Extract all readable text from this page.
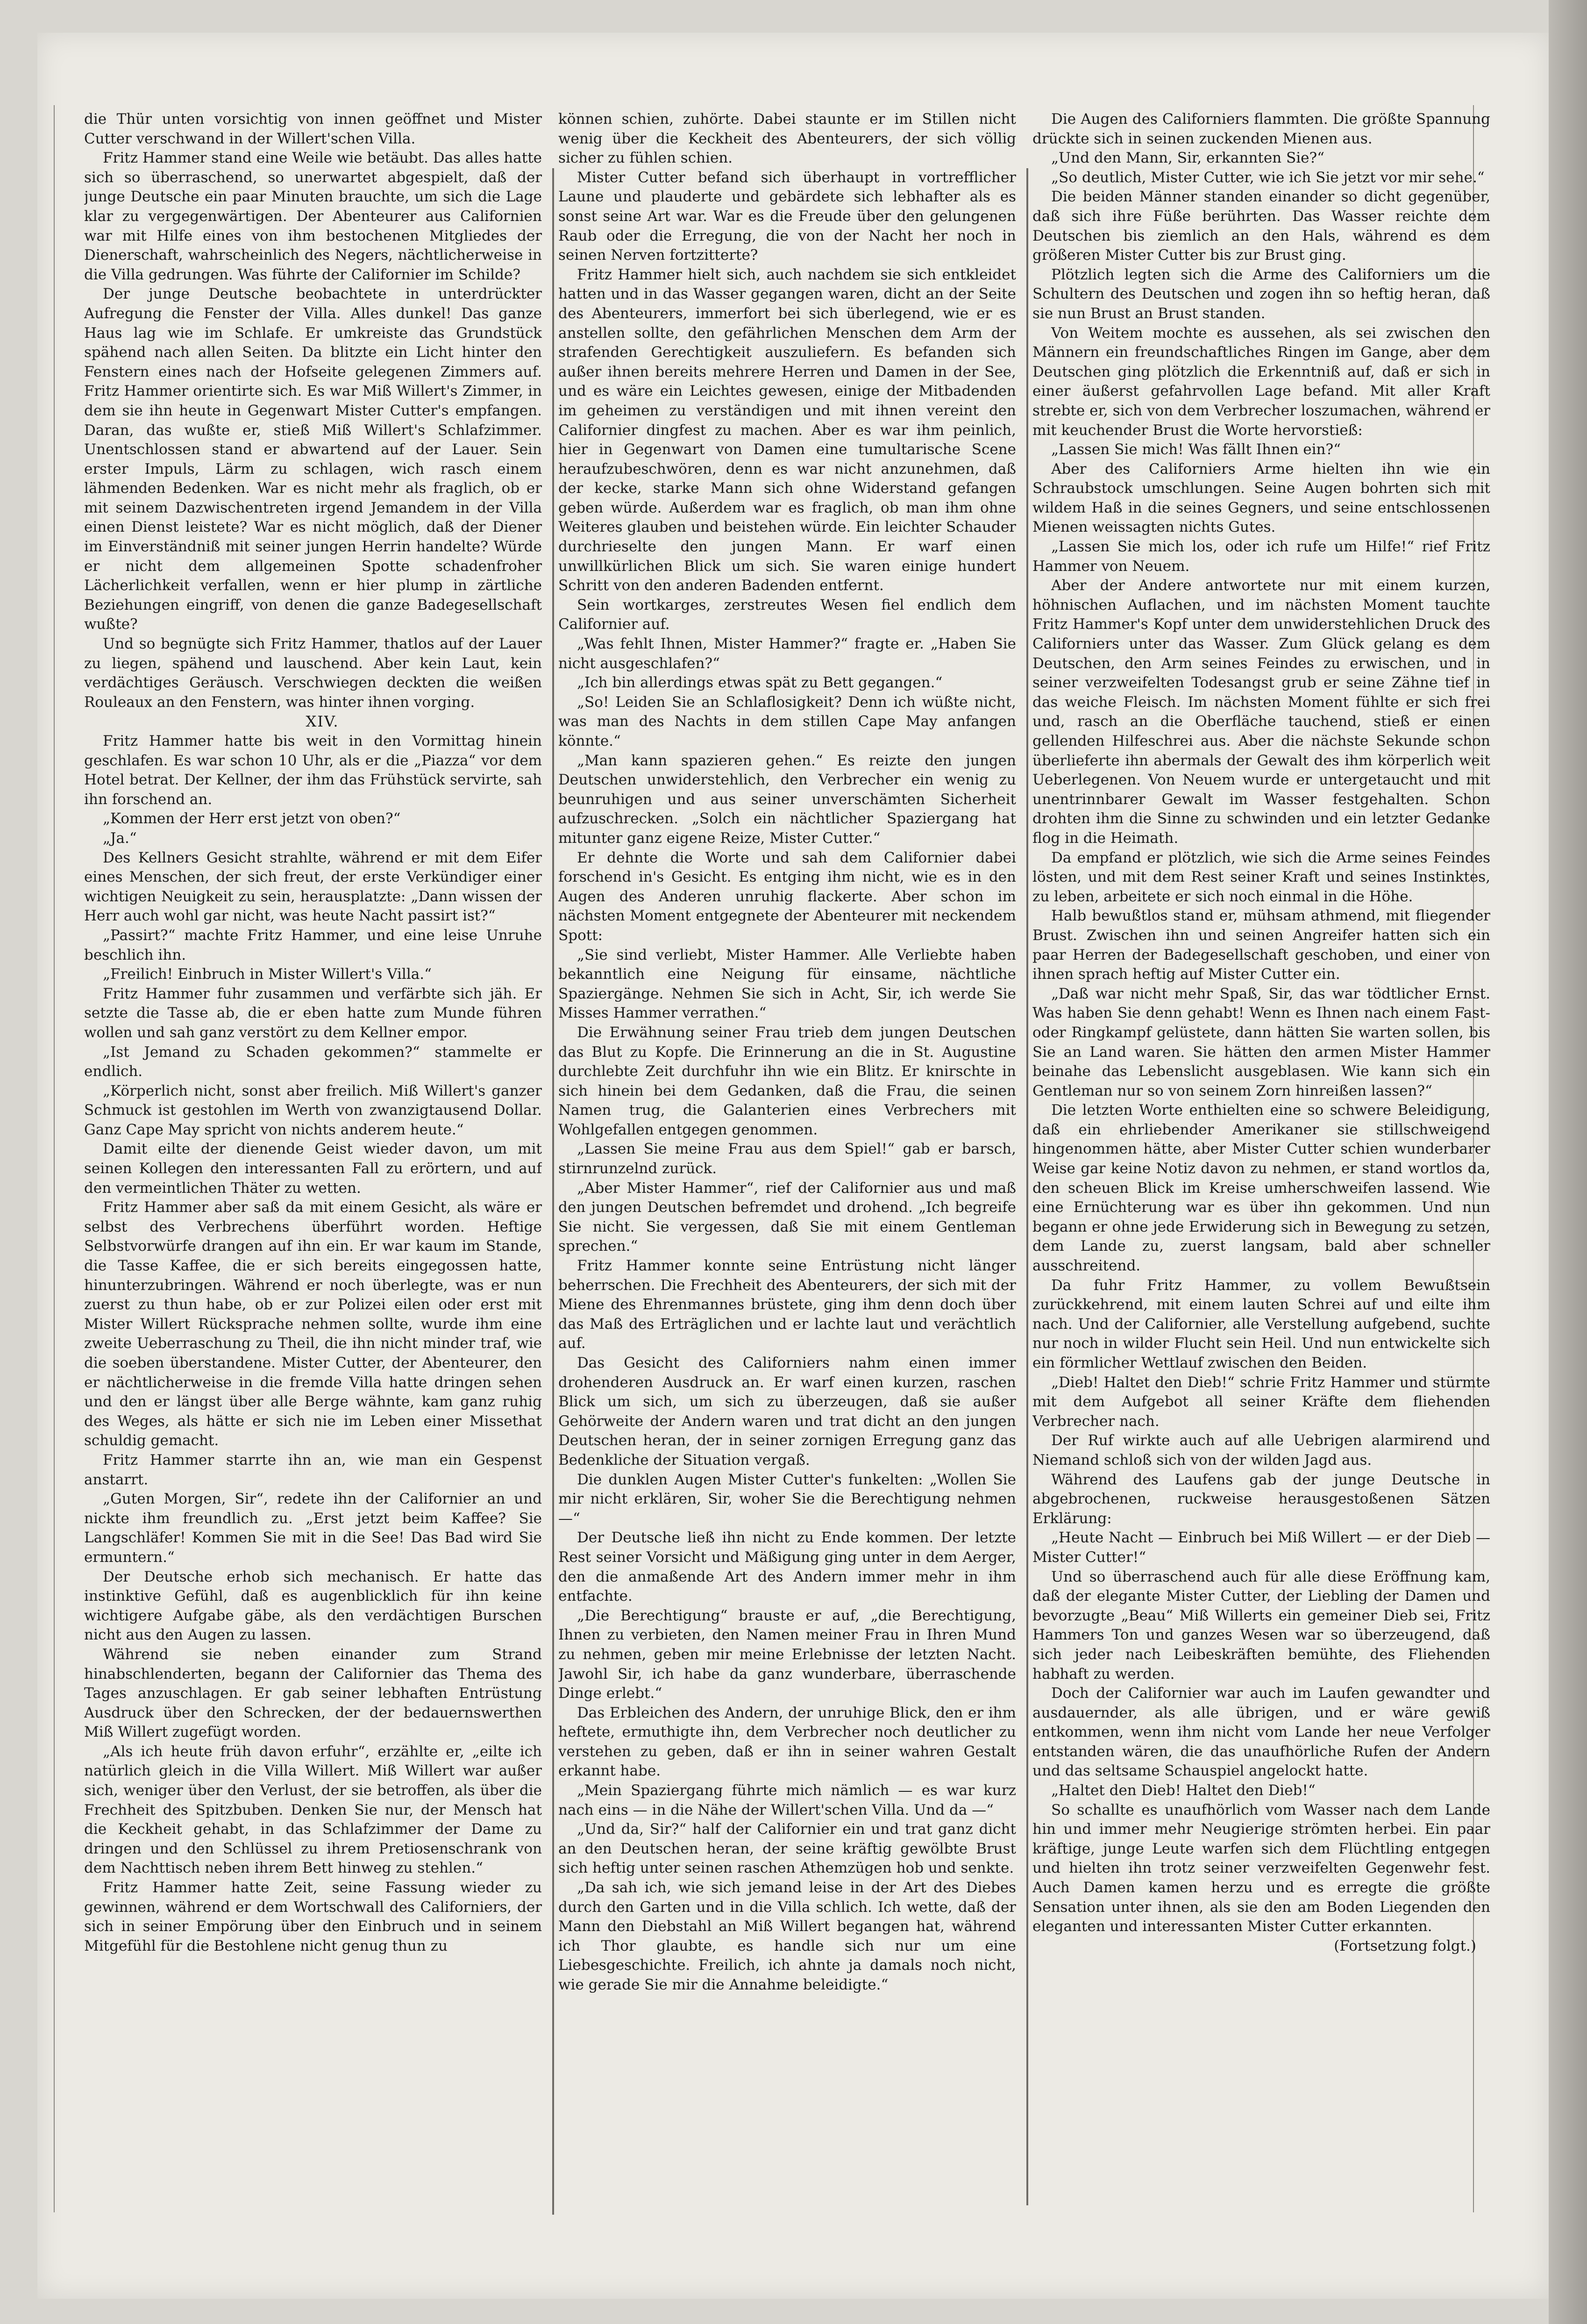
die Thür unten vorsichtig von innen geöffnet und Mister Cutter verschwand in der Willert'schen Villa.

Fritz Hammer stand eine Weile wie betäubt. Das alles hatte sich so überraschend, so unerwartet abgespielt, daß der junge Deutsche ein paar Minuten brauchte, um sich die Lage klar zu vergegenwärtigen. Der Abenteurer aus Californien war mit Hilfe eines von ihm bestochenen Mitgliedes der Dienerschaft, wahrscheinlich des Negers, nächtlicherweise in die Villa gedrungen. Was führte der Californier im Schilde?

Der junge Deutsche beobachtete in unterdrückter Aufregung die Fenster der Villa. Alles dunkel! Das ganze Haus lag wie im Schlafe. Er umkreiste das Grundstück spähend nach allen Seiten. Da blitzte ein Licht hinter den Fenstern eines nach der Hofseite gelegenen Zimmers auf. Fritz Hammer orientirte sich. Es war Miß Willert's Zimmer, in dem sie ihn heute in Gegenwart Mister Cutter's empfangen. Daran, das wußte er, stieß Miß Willert's Schlafzimmer. Unentschlossen stand er abwartend auf der Lauer. Sein erster Impuls, Lärm zu schlagen, wich rasch einem lähmenden Bedenken. War es nicht mehr als fraglich, ob er mit seinem Dazwischentreten irgend Jemandem in der Villa einen Dienst leistete? War es nicht möglich, daß der Diener im Einverständniß mit seiner jungen Herrin handelte? Würde er nicht dem allgemeinen Spotte schadenfroher Lächerlichkeit verfallen, wenn er hier plump in zärtliche Beziehungen eingriff, von denen die ganze Badegesellschaft wußte?

Und so begnügte sich Fritz Hammer, thatlos auf der Lauer zu liegen, spähend und lauschend. Aber kein Laut, kein verdächtiges Geräusch. Verschwiegen deckten die weißen Rouleaux an den Fenstern, was hinter ihnen vorging.

XIV.

Fritz Hammer hatte bis weit in den Vormittag hinein geschlafen. Es war schon 10 Uhr, als er die „Piazza“ vor dem Hotel betrat. Der Kellner, der ihm das Frühstück servirte, sah ihn forschend an.

„Kommen der Herr erst jetzt von oben?“

„Ja.“

Des Kellners Gesicht strahlte, während er mit dem Eifer eines Menschen, der sich freut, der erste Verkündiger einer wichtigen Neuigkeit zu sein, herausplatzte: „Dann wissen der Herr auch wohl gar nicht, was heute Nacht passirt ist?“

„Passirt?“ machte Fritz Hammer, und eine leise Unruhe beschlich ihn.

„Freilich! Einbruch in Mister Willert's Villa.“

Fritz Hammer fuhr zusammen und verfärbte sich jäh. Er setzte die Tasse ab, die er eben hatte zum Munde führen wollen und sah ganz verstört zu dem Kellner empor.

„Ist Jemand zu Schaden gekommen?“ stammelte er endlich.

„Körperlich nicht, sonst aber freilich. Miß Willert's ganzer Schmuck ist gestohlen im Werth von zwanzigtausend Dollar. Ganz Cape May spricht von nichts anderem heute.“

Damit eilte der dienende Geist wieder davon, um mit seinen Kollegen den interessanten Fall zu erörtern, und auf den vermeintlichen Thäter zu wetten.

Fritz Hammer aber saß da mit einem Gesicht, als wäre er selbst des Verbrechens überführt worden. Heftige Selbstvorwürfe drangen auf ihn ein. Er war kaum im Stande, die Tasse Kaffee, die er sich bereits eingegossen hatte, hinunterzubringen. Während er noch überlegte, was er nun zuerst zu thun habe, ob er zur Polizei eilen oder erst mit Mister Willert Rücksprache nehmen sollte, wurde ihm eine zweite Ueberraschung zu Theil, die ihn nicht minder traf, wie die soeben überstandene. Mister Cutter, der Abenteurer, den er nächtlicherweise in die fremde Villa hatte dringen sehen und den er längst über alle Berge wähnte, kam ganz ruhig des Weges, als hätte er sich nie im Leben einer Missethat schuldig gemacht.

Fritz Hammer starrte ihn an, wie man ein Gespenst anstarrt.

„Guten Morgen, Sir“, redete ihn der Californier an und nickte ihm freundlich zu. „Erst jetzt beim Kaffee? Sie Langschläfer! Kommen Sie mit in die See! Das Bad wird Sie ermuntern.“

Der Deutsche erhob sich mechanisch. Er hatte das instinktive Gefühl, daß es augenblicklich für ihn keine wichtigere Aufgabe gäbe, als den verdächtigen Burschen nicht aus den Augen zu lassen.

Während sie neben einander zum Strand hinabschlenderten, begann der Californier das Thema des Tages anzuschlagen. Er gab seiner lebhaften Entrüstung Ausdruck über den Schrecken, der der bedauernswerthen Miß Willert zugefügt worden.

„Als ich heute früh davon erfuhr“, erzählte er, „eilte ich natürlich gleich in die Villa Willert. Miß Willert war außer sich, weniger über den Verlust, der sie betroffen, als über die Frechheit des Spitzbuben. Denken Sie nur, der Mensch hat die Keckheit gehabt, in das Schlafzimmer der Dame zu dringen und den Schlüssel zu ihrem Pretiosenschrank von dem Nachttisch neben ihrem Bett hinweg zu stehlen.“

Fritz Hammer hatte Zeit, seine Fassung wieder zu gewinnen, während er dem Wortschwall des Californiers, der sich in seiner Empörung über den Einbruch und in seinem Mitgefühl für die Bestohlene nicht genug thun zu

können schien, zuhörte. Dabei staunte er im Stillen nicht wenig über die Keckheit des Abenteurers, der sich völlig sicher zu fühlen schien.

Mister Cutter befand sich überhaupt in vortrefflicher Laune und plauderte und gebärdete sich lebhafter als es sonst seine Art war. War es die Freude über den gelungenen Raub oder die Erregung, die von der Nacht her noch in seinen Nerven fortzitterte?

Fritz Hammer hielt sich, auch nachdem sie sich entkleidet hatten und in das Wasser gegangen waren, dicht an der Seite des Abenteurers, immerfort bei sich überlegend, wie er es anstellen sollte, den gefährlichen Menschen dem Arm der strafenden Gerechtigkeit auszuliefern. Es befanden sich außer ihnen bereits mehrere Herren und Damen in der See, und es wäre ein Leichtes gewesen, einige der Mitbadenden im geheimen zu verständigen und mit ihnen vereint den Californier dingfest zu machen. Aber es war ihm peinlich, hier in Gegenwart von Damen eine tumultarische Scene heraufzubeschwören, denn es war nicht anzunehmen, daß der kecke, starke Mann sich ohne Widerstand gefangen geben würde. Außerdem war es fraglich, ob man ihm ohne Weiteres glauben und beistehen würde. Ein leichter Schauder durchrieselte den jungen Mann. Er warf einen unwillkürlichen Blick um sich. Sie waren einige hundert Schritt von den anderen Badenden entfernt.

Sein wortkarges, zerstreutes Wesen fiel endlich dem Californier auf.

„Was fehlt Ihnen, Mister Hammer?“ fragte er. „Haben Sie nicht ausgeschlafen?“

„Ich bin allerdings etwas spät zu Bett gegangen.“

„So! Leiden Sie an Schlaflosigkeit? Denn ich wüßte nicht, was man des Nachts in dem stillen Cape May anfangen könnte.“

„Man kann spazieren gehen.“ Es reizte den jungen Deutschen unwiderstehlich, den Verbrecher ein wenig zu beunruhigen und aus seiner unverschämten Sicherheit aufzuschrecken. „Solch ein nächtlicher Spaziergang hat mitunter ganz eigene Reize, Mister Cutter.“

Er dehnte die Worte und sah dem Californier dabei forschend in's Gesicht. Es entging ihm nicht, wie es in den Augen des Anderen unruhig flackerte. Aber schon im nächsten Moment entgegnete der Abenteurer mit neckendem Spott:

„Sie sind verliebt, Mister Hammer. Alle Verliebte haben bekanntlich eine Neigung für einsame, nächtliche Spaziergänge. Nehmen Sie sich in Acht, Sir, ich werde Sie Misses Hammer verrathen.“

Die Erwähnung seiner Frau trieb dem jungen Deutschen das Blut zu Kopfe. Die Erinnerung an die in St. Augustine durchlebte Zeit durchfuhr ihn wie ein Blitz. Er knirschte in sich hinein bei dem Gedanken, daß die Frau, die seinen Namen trug, die Galanterien eines Verbrechers mit Wohlgefallen entgegen genommen.

„Lassen Sie meine Frau aus dem Spiel!“ gab er barsch, stirnrunzelnd zurück.

„Aber Mister Hammer“, rief der Californier aus und maß den jungen Deutschen befremdet und drohend. „Ich begreife Sie nicht. Sie vergessen, daß Sie mit einem Gentleman sprechen.“

Fritz Hammer konnte seine Entrüstung nicht länger beherrschen. Die Frechheit des Abenteurers, der sich mit der Miene des Ehrenmannes brüstete, ging ihm denn doch über das Maß des Erträglichen und er lachte laut und verächtlich auf.

Das Gesicht des Californiers nahm einen immer drohenderen Ausdruck an. Er warf einen kurzen, raschen Blick um sich, um sich zu überzeugen, daß sie außer Gehörweite der Andern waren und trat dicht an den jungen Deutschen heran, der in seiner zornigen Erregung ganz das Bedenkliche der Situation vergaß.

Die dunklen Augen Mister Cutter's funkelten: „Wollen Sie mir nicht erklären, Sir, woher Sie die Berechtigung nehmen —“

Der Deutsche ließ ihn nicht zu Ende kommen. Der letzte Rest seiner Vorsicht und Mäßigung ging unter in dem Aerger, den die anmaßende Art des Andern immer mehr in ihm entfachte.

„Die Berechtigung“ brauste er auf, „die Berechtigung, Ihnen zu verbieten, den Namen meiner Frau in Ihren Mund zu nehmen, geben mir meine Erlebnisse der letzten Nacht. Jawohl Sir, ich habe da ganz wunderbare, überraschende Dinge erlebt.“

Das Erbleichen des Andern, der unruhige Blick, den er ihm heftete, ermuthigte ihn, dem Verbrecher noch deutlicher zu verstehen zu geben, daß er ihn in seiner wahren Gestalt erkannt habe.

„Mein Spaziergang führte mich nämlich — es war kurz nach eins — in die Nähe der Willert'schen Villa. Und da —“

„Und da, Sir?“ half der Californier ein und trat ganz dicht an den Deutschen heran, der seine kräftig gewölbte Brust sich heftig unter seinen raschen Athemzügen hob und senkte.

„Da sah ich, wie sich jemand leise in der Art des Diebes durch den Garten und in die Villa schlich. Ich wette, daß der Mann den Diebstahl an Miß Willert begangen hat, während ich Thor glaubte, es handle sich nur um eine Liebesgeschichte. Freilich, ich ahnte ja damals noch nicht, wie gerade Sie mir die Annahme beleidigte.“

Die Augen des Californiers flammten. Die größte Spannung drückte sich in seinen zuckenden Mienen aus.

„Und den Mann, Sir, erkannten Sie?“

„So deutlich, Mister Cutter, wie ich Sie jetzt vor mir sehe.“

Die beiden Männer standen einander so dicht gegenüber, daß sich ihre Füße berührten. Das Wasser reichte dem Deutschen bis ziemlich an den Hals, während es dem größeren Mister Cutter bis zur Brust ging.

Plötzlich legten sich die Arme des Californiers um die Schultern des Deutschen und zogen ihn so heftig heran, daß sie nun Brust an Brust standen.

Von Weitem mochte es aussehen, als sei zwischen den Männern ein freundschaftliches Ringen im Gange, aber dem Deutschen ging plötzlich die Erkenntniß auf, daß er sich in einer äußerst gefahrvollen Lage befand. Mit aller Kraft strebte er, sich von dem Verbrecher loszumachen, während er mit keuchender Brust die Worte hervorstieß:

„Lassen Sie mich! Was fällt Ihnen ein?“

Aber des Californiers Arme hielten ihn wie ein Schraubstock umschlungen. Seine Augen bohrten sich mit wildem Haß in die seines Gegners, und seine entschlossenen Mienen weissagten nichts Gutes.

„Lassen Sie mich los, oder ich rufe um Hilfe!“ rief Fritz Hammer von Neuem.

Aber der Andere antwortete nur mit einem kurzen, höhnischen Auflachen, und im nächsten Moment tauchte Fritz Hammer's Kopf unter dem unwiderstehlichen Druck des Californiers unter das Wasser. Zum Glück gelang es dem Deutschen, den Arm seines Feindes zu erwischen, und in seiner verzweifelten Todesangst grub er seine Zähne tief in das weiche Fleisch. Im nächsten Moment fühlte er sich frei und, rasch an die Oberfläche tauchend, stieß er einen gellenden Hilfeschrei aus. Aber die nächste Sekunde schon überlieferte ihn abermals der Gewalt des ihm körperlich weit Ueberlegenen. Von Neuem wurde er untergetaucht und mit unentrinnbarer Gewalt im Wasser festgehalten. Schon drohten ihm die Sinne zu schwinden und ein letzter Gedanke flog in die Heimath.

Da empfand er plötzlich, wie sich die Arme seines Feindes lösten, und mit dem Rest seiner Kraft und seines Instinktes, zu leben, arbeitete er sich noch einmal in die Höhe.

Halb bewußtlos stand er, mühsam athmend, mit fliegender Brust. Zwischen ihn und seinen Angreifer hatten sich ein paar Herren der Badegesellschaft geschoben, und einer von ihnen sprach heftig auf Mister Cutter ein.

„Daß war nicht mehr Spaß, Sir, das war tödtlicher Ernst. Was haben Sie denn gehabt! Wenn es Ihnen nach einem Fast- oder Ringkampf gelüstete, dann hätten Sie warten sollen, bis Sie an Land waren. Sie hätten den armen Mister Hammer beinahe das Lebenslicht ausgeblasen. Wie kann sich ein Gentleman nur so von seinem Zorn hinreißen lassen?“

Die letzten Worte enthielten eine so schwere Beleidigung, daß ein ehrliebender Amerikaner sie stillschweigend hingenommen hätte, aber Mister Cutter schien wunderbarer Weise gar keine Notiz davon zu nehmen, er stand wortlos da, den scheuen Blick im Kreise umherschweifen lassend. Wie eine Ernüchterung war es über ihn gekommen. Und nun begann er ohne jede Erwiderung sich in Bewegung zu setzen, dem Lande zu, zuerst langsam, bald aber schneller ausschreitend.

Da fuhr Fritz Hammer, zu vollem Bewußtsein zurückkehrend, mit einem lauten Schrei auf und eilte ihm nach. Und der Californier, alle Verstellung aufgebend, suchte nur noch in wilder Flucht sein Heil. Und nun entwickelte sich ein förmlicher Wettlauf zwischen den Beiden.

„Dieb! Haltet den Dieb!“ schrie Fritz Hammer und stürmte mit dem Aufgebot all seiner Kräfte dem fliehenden Verbrecher nach.

Der Ruf wirkte auch auf alle Uebrigen alarmirend und Niemand schloß sich von der wilden Jagd aus.

Während des Laufens gab der junge Deutsche in abgebrochenen, ruckweise herausgestoßenen Sätzen Erklärung:

„Heute Nacht — Einbruch bei Miß Willert — er der Dieb — Mister Cutter!“

Und so überraschend auch für alle diese Eröffnung kam, daß der elegante Mister Cutter, der Liebling der Damen und bevorzugte „Beau“ Miß Willerts ein gemeiner Dieb sei, Fritz Hammers Ton und ganzes Wesen war so überzeugend, daß sich jeder nach Leibeskräften bemühte, des Fliehenden habhaft zu werden.

Doch der Californier war auch im Laufen gewandter und ausdauernder, als alle übrigen, und er wäre gewiß entkommen, wenn ihm nicht vom Lande her neue Verfolger entstanden wären, die das unaufhörliche Rufen der Andern und das seltsame Schauspiel angelockt hatte.

„Haltet den Dieb! Haltet den Dieb!“

So schallte es unaufhörlich vom Wasser nach dem Lande hin und immer mehr Neugierige strömten herbei. Ein paar kräftige, junge Leute warfen sich dem Flüchtling entgegen und hielten ihn trotz seiner verzweifelten Gegenwehr fest. Auch Damen kamen herzu und es erregte die größte Sensation unter ihnen, als sie den am Boden Liegenden den eleganten und interessanten Mister Cutter erkannten.

(Fortsetzung folgt.)
